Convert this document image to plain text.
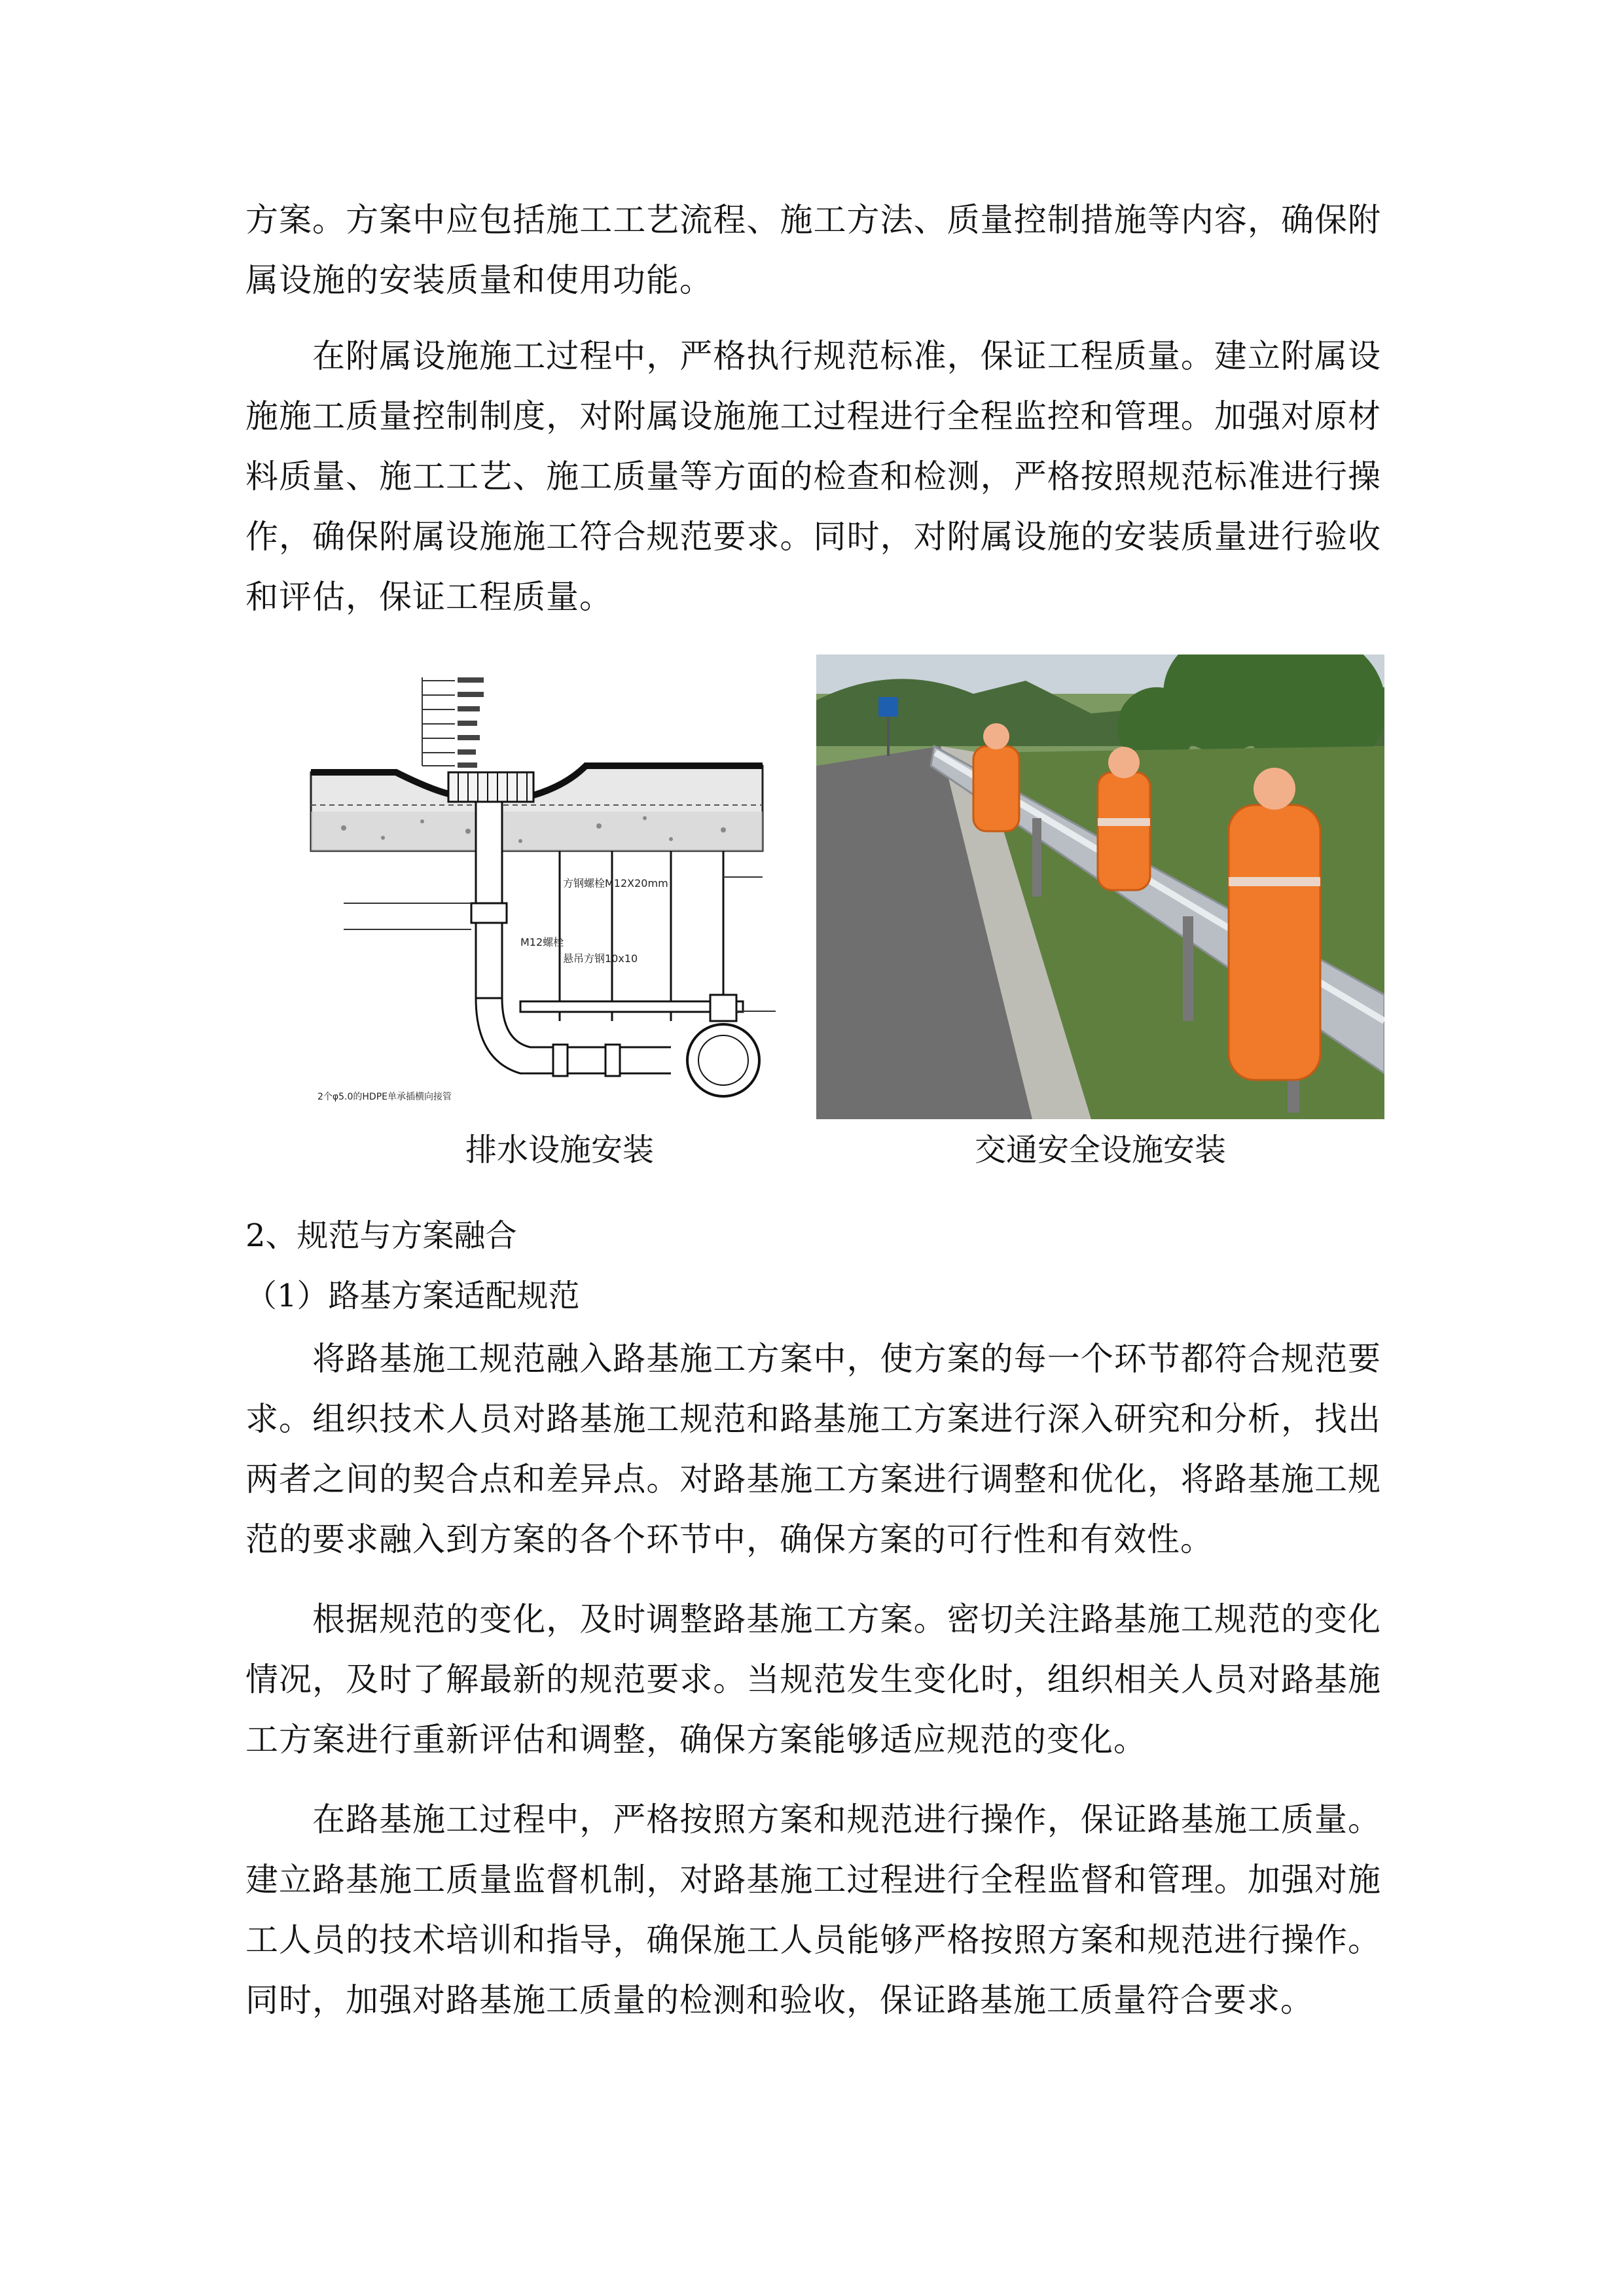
方案。方案中应包括施工工艺流程、施工方法、质量控制措施等内容，确保附属设施的安装质量和使用功能。

在附属设施施工过程中，严格执行规范标准，保证工程质量。建立附属设施施工质量控制制度，对附属设施施工过程进行全程监控和管理。加强对原材料质量、施工工艺、施工质量等方面的检查和检测，严格按照规范标准进行操作，确保附属设施施工符合规范要求。同时，对附属设施的安装质量进行验收和评估，保证工程质量。

方钢螺栓M12X20mm
M12螺栓
悬吊方钢10x10
2个φ5.0的HDPE单承插横向接管

排水设施安装	交通安全设施安装

2、规范与方案融合

（1）路基方案适配规范

将路基施工规范融入路基施工方案中，使方案的每一个环节都符合规范要求。组织技术人员对路基施工规范和路基施工方案进行深入研究和分析，找出两者之间的契合点和差异点。对路基施工方案进行调整和优化，将路基施工规范的要求融入到方案的各个环节中，确保方案的可行性和有效性。

根据规范的变化，及时调整路基施工方案。密切关注路基施工规范的变化情况，及时了解最新的规范要求。当规范发生变化时，组织相关人员对路基施工方案进行重新评估和调整，确保方案能够适应规范的变化。

在路基施工过程中，严格按照方案和规范进行操作，保证路基施工质量。建立路基施工质量监督机制，对路基施工过程进行全程监督和管理。加强对施工人员的技术培训和指导，确保施工人员能够严格按照方案和规范进行操作。同时，加强对路基施工质量的检测和验收，保证路基施工质量符合要求。
